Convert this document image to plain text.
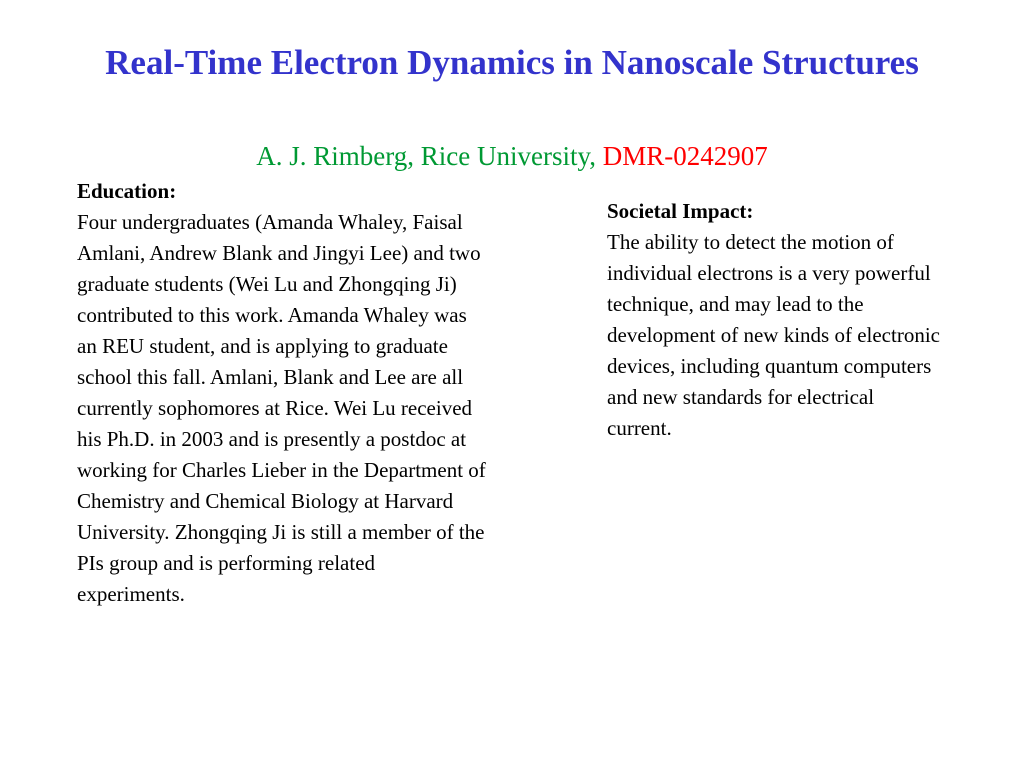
Real-Time Electron Dynamics in Nanoscale Structures

A. J. Rimberg, Rice University, DMR-0242907

Education:
Four undergraduates (Amanda Whaley, Faisal Amlani, Andrew Blank and Jingyi Lee) and two graduate students (Wei Lu and Zhongqing Ji) contributed to this work. Amanda Whaley was an REU student, and is applying to graduate school this fall. Amlani, Blank and Lee are all currently sophomores at Rice. Wei Lu received his Ph.D. in 2003 and is presently a postdoc at working for Charles Lieber in the Department of Chemistry and Chemical Biology at Harvard University. Zhongqing Ji is still a member of the PIs group and is performing related experiments.
Societal Impact:
The ability to detect the motion of individual electrons is a very powerful technique, and may lead to the development of new kinds of electronic devices, including quantum computers and new standards for electrical current.
